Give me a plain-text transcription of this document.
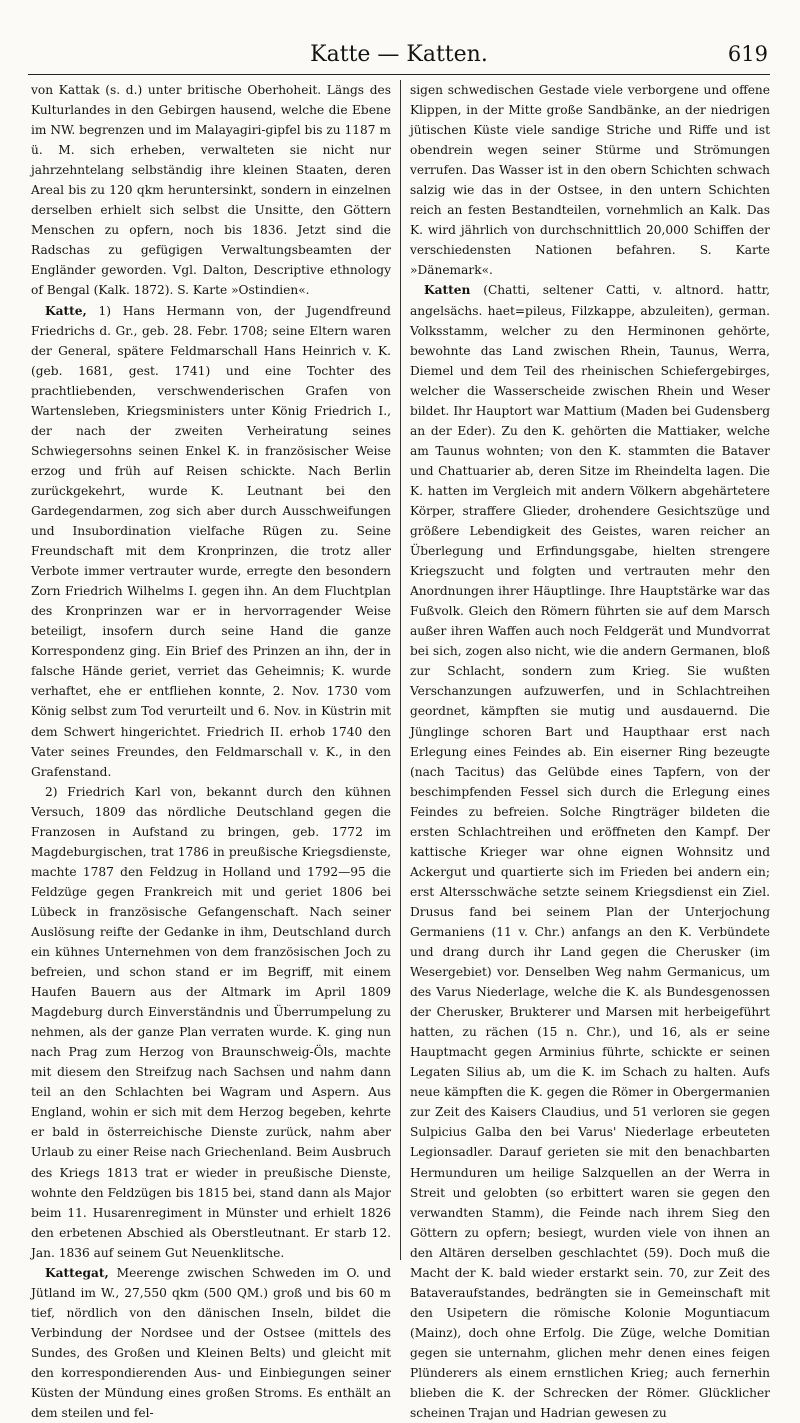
Katte — Katten.	619

von Kattak (s. d.) unter britische Oberhoheit. Längs des Kulturlandes in den Gebirgen hausend, welche die Ebene im NW. begrenzen und im Malayagiri-gipfel bis zu 1187 m ü. M. sich erheben, verwalteten sie nicht nur jahrzehntelang selbständig ihre kleinen Staaten, deren Areal bis zu 120 qkm heruntersinkt, sondern in einzelnen derselben erhielt sich selbst die Unsitte, den Göttern Menschen zu opfern, noch bis 1836. Jetzt sind die Radschas zu gefügigen Verwaltungsbeamten der Engländer geworden. Vgl. Dalton, Descriptive ethnology of Bengal (Kalk. 1872). S. Karte »Ostindien«.

Katte, 1) Hans Hermann von, der Jugendfreund Friedrichs d. Gr., geb. 28. Febr. 1708; seine Eltern waren der General, spätere Feldmarschall Hans Heinrich v. K. (geb. 1681, gest. 1741) und eine Tochter des prachtliebenden, verschwenderischen Grafen von Wartensleben, Kriegsministers unter König Friedrich I., der nach der zweiten Verheiratung seines Schwiegersohns seinen Enkel K. in französischer Weise erzog und früh auf Reisen schickte. Nach Berlin zurückgekehrt, wurde K. Leutnant bei den Gardegendarmen, zog sich aber durch Ausschweifungen und Insubordination vielfache Rügen zu. Seine Freundschaft mit dem Kronprinzen, die trotz aller Verbote immer vertrauter wurde, erregte den besondern Zorn Friedrich Wilhelms I. gegen ihn. An dem Fluchtplan des Kronprinzen war er in hervorragender Weise beteiligt, insofern durch seine Hand die ganze Korrespondenz ging. Ein Brief des Prinzen an ihn, der in falsche Hände geriet, verriet das Geheimnis; K. wurde verhaftet, ehe er entfliehen konnte, 2. Nov. 1730 vom König selbst zum Tod verurteilt und 6. Nov. in Küstrin mit dem Schwert hingerichtet. Friedrich II. erhob 1740 den Vater seines Freundes, den Feldmarschall v. K., in den Grafenstand.

2) Friedrich Karl von, bekannt durch den kühnen Versuch, 1809 das nördliche Deutschland gegen die Franzosen in Aufstand zu bringen, geb. 1772 im Magdeburgischen, trat 1786 in preußische Kriegsdienste, machte 1787 den Feldzug in Holland und 1792—95 die Feldzüge gegen Frankreich mit und geriet 1806 bei Lübeck in französische Gefangenschaft. Nach seiner Auslösung reifte der Gedanke in ihm, Deutschland durch ein kühnes Unternehmen von dem französischen Joch zu befreien, und schon stand er im Begriff, mit einem Haufen Bauern aus der Altmark im April 1809 Magdeburg durch Einverständnis und Überrumpelung zu nehmen, als der ganze Plan verraten wurde. K. ging nun nach Prag zum Herzog von Braunschweig-Öls, machte mit diesem den Streifzug nach Sachsen und nahm dann teil an den Schlachten bei Wagram und Aspern. Aus England, wohin er sich mit dem Herzog begeben, kehrte er bald in österreichische Dienste zurück, nahm aber Urlaub zu einer Reise nach Griechenland. Beim Ausbruch des Kriegs 1813 trat er wieder in preußische Dienste, wohnte den Feldzügen bis 1815 bei, stand dann als Major beim 11. Husarenregiment in Münster und erhielt 1826 den erbetenen Abschied als Oberstleutnant. Er starb 12. Jan. 1836 auf seinem Gut Neuenklitsche.

Kattegat, Meerenge zwischen Schweden im O. und Jütland im W., 27,550 qkm (500 QM.) groß und bis 60 m tief, nördlich von den dänischen Inseln, bildet die Verbindung der Nordsee und der Ostsee (mittels des Sundes, des Großen und Kleinen Belts) und gleicht mit den korrespondierenden Aus- und Einbiegungen seiner Küsten der Mündung eines großen Stroms. Es enthält an dem steilen und fel-

sigen schwedischen Gestade viele verborgene und offene Klippen, in der Mitte große Sandbänke, an der niedrigen jütischen Küste viele sandige Striche und Riffe und ist obendrein wegen seiner Stürme und Strömungen verrufen. Das Wasser ist in den obern Schichten schwach salzig wie das in der Ostsee, in den untern Schichten reich an festen Bestandteilen, vornehmlich an Kalk. Das K. wird jährlich von durchschnittlich 20,000 Schiffen der verschiedensten Nationen befahren. S. Karte »Dänemark«.

Katten (Chatti, seltener Catti, v. altnord. hattr, angelsächs. haet=pileus, Filzkappe, abzuleiten), german. Volksstamm, welcher zu den Herminonen gehörte, bewohnte das Land zwischen Rhein, Taunus, Werra, Diemel und dem Teil des rheinischen Schiefergebirges, welcher die Wasserscheide zwischen Rhein und Weser bildet. Ihr Hauptort war Mattium (Maden bei Gudensberg an der Eder). Zu den K. gehörten die Mattiaker, welche am Taunus wohnten; von den K. stammten die Bataver und Chattuarier ab, deren Sitze im Rheindelta lagen. Die K. hatten im Vergleich mit andern Völkern abgehärtetere Körper, straffere Glieder, drohendere Gesichtszüge und größere Lebendigkeit des Geistes, waren reicher an Überlegung und Erfindungsgabe, hielten strengere Kriegszucht und folgten und vertrauten mehr den Anordnungen ihrer Häuptlinge. Ihre Hauptstärke war das Fußvolk. Gleich den Römern führten sie auf dem Marsch außer ihren Waffen auch noch Feldgerät und Mundvorrat bei sich, zogen also nicht, wie die andern Germanen, bloß zur Schlacht, sondern zum Krieg. Sie wußten Verschanzungen aufzuwerfen, und in Schlachtreihen geordnet, kämpften sie mutig und ausdauernd. Die Jünglinge schoren Bart und Haupthaar erst nach Erlegung eines Feindes ab. Ein eiserner Ring bezeugte (nach Tacitus) das Gelübde eines Tapfern, von der beschimpfenden Fessel sich durch die Erlegung eines Feindes zu befreien. Solche Ringträger bildeten die ersten Schlachtreihen und eröffneten den Kampf. Der kattische Krieger war ohne eignen Wohnsitz und Ackergut und quartierte sich im Frieden bei andern ein; erst Altersschwäche setzte seinem Kriegsdienst ein Ziel. Drusus fand bei seinem Plan der Unterjochung Germaniens (11 v. Chr.) anfangs an den K. Verbündete und drang durch ihr Land gegen die Cherusker (im Wesergebiet) vor. Denselben Weg nahm Germanicus, um des Varus Niederlage, welche die K. als Bundesgenossen der Cherusker, Brukterer und Marsen mit herbeigeführt hatten, zu rächen (15 n. Chr.), und 16, als er seine Hauptmacht gegen Arminius führte, schickte er seinen Legaten Silius ab, um die K. im Schach zu halten. Aufs neue kämpften die K. gegen die Römer in Obergermanien zur Zeit des Kaisers Claudius, und 51 verloren sie gegen Sulpicius Galba den bei Varus' Niederlage erbeuteten Legionsadler. Darauf gerieten sie mit den benachbarten Hermunduren um heilige Salzquellen an der Werra in Streit und gelobten (so erbittert waren sie gegen den verwandten Stamm), die Feinde nach ihrem Sieg den Göttern zu opfern; besiegt, wurden viele von ihnen an den Altären derselben geschlachtet (59). Doch muß die Macht der K. bald wieder erstarkt sein. 70, zur Zeit des Bataveraufstandes, bedrängten sie in Gemeinschaft mit den Usipetern die römische Kolonie Moguntiacum (Mainz), doch ohne Erfolg. Die Züge, welche Domitian gegen sie unternahm, glichen mehr denen eines feigen Plünderers als einem ernstlichen Krieg; auch fernerhin blieben die K. der Schrecken der Römer. Glücklicher scheinen Trajan und Hadrian gewesen zu
